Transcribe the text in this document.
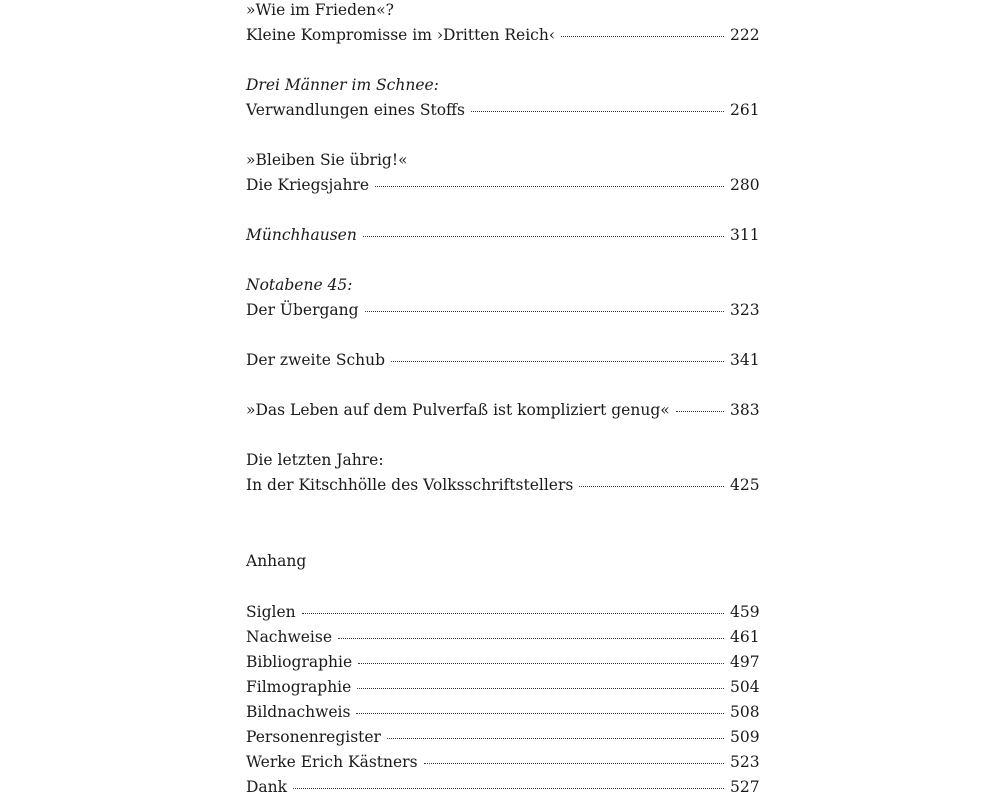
»Wie im Frieden«?
Kleine Kompromisse im ›Dritten Reich‹	222
Drei Männer im Schnee:
Verwandlungen eines Stoffs	261
»Bleiben Sie übrig!«
Die Kriegsjahre	280
Münchhausen	311
Notabene 45:
Der Übergang	323
Der zweite Schub	341
»Das Leben auf dem Pulverfaß ist kompliziert genug«	383
Die letzten Jahre:
In der Kitschhölle des Volksschriftstellers	425
Anhang
Siglen	459
Nachweise	461
Bibliographie	497
Filmographie	504
Bildnachweis	508
Personenregister	509
Werke Erich Kästners	523
Dank	527
